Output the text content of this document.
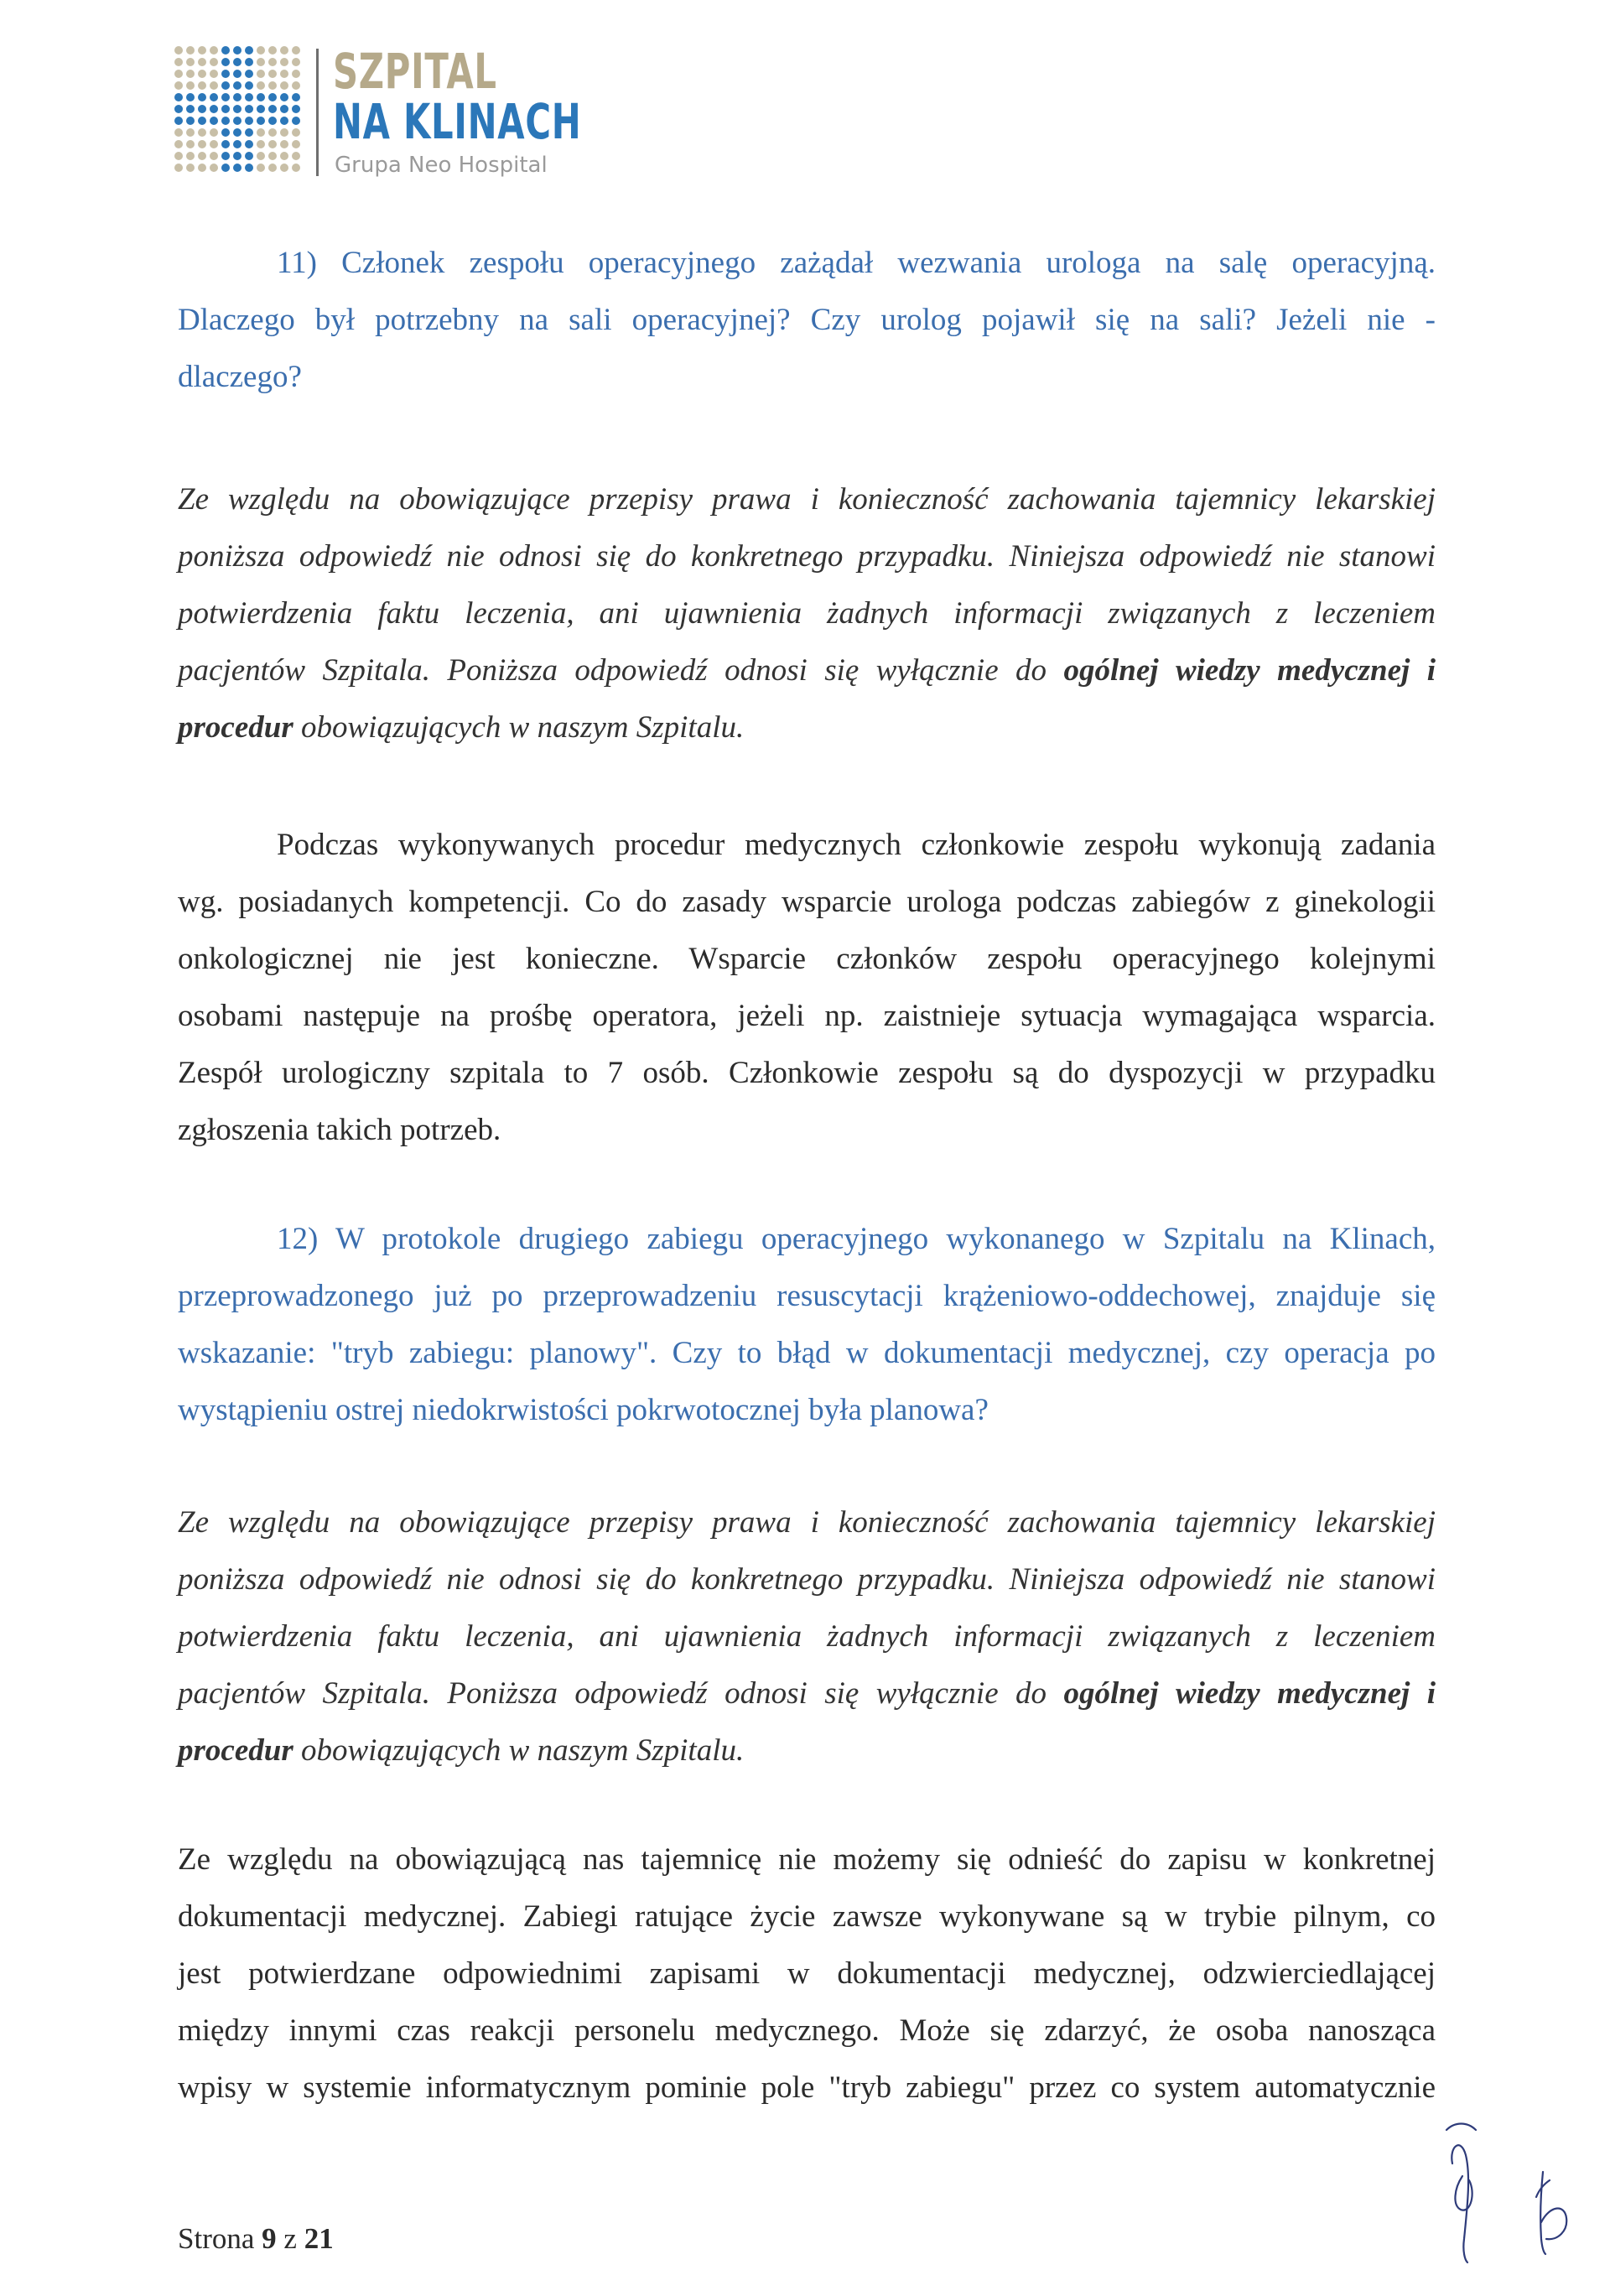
SZPITAL
NA KLINACH
Grupa Neo Hospital
11) Członek zespołu operacyjnego zażądał wezwania urologa na salę operacyjną.
Dlaczego był potrzebny na sali operacyjnej? Czy urolog pojawił się na sali? Jeżeli nie -
dlaczego?
Ze względu na obowiązujące przepisy prawa i konieczność zachowania tajemnicy lekarskiej
poniższa odpowiedź nie odnosi się do konkretnego przypadku. Niniejsza odpowiedź nie stanowi
potwierdzenia faktu leczenia, ani ujawnienia żadnych informacji związanych z leczeniem
pacjentów Szpitala. Poniższa odpowiedź odnosi się wyłącznie do ogólnej wiedzy medycznej i
procedur obowiązujących w naszym Szpitalu.
Podczas wykonywanych procedur medycznych członkowie zespołu wykonują zadania
wg. posiadanych kompetencji. Co do zasady wsparcie urologa podczas zabiegów z ginekologii
onkologicznej nie jest konieczne. Wsparcie członków zespołu operacyjnego kolejnymi
osobami następuje na prośbę operatora, jeżeli np. zaistnieje sytuacja wymagająca wsparcia.
Zespół urologiczny szpitala to 7 osób. Członkowie zespołu są do dyspozycji w przypadku
zgłoszenia takich potrzeb.
12) W protokole drugiego zabiegu operacyjnego wykonanego w Szpitalu na Klinach,
przeprowadzonego już po przeprowadzeniu resuscytacji krążeniowo-oddechowej, znajduje się
wskazanie: "tryb zabiegu: planowy". Czy to błąd w dokumentacji medycznej, czy operacja po
wystąpieniu ostrej niedokrwistości pokrwotocznej była planowa?
Ze względu na obowiązujące przepisy prawa i konieczność zachowania tajemnicy lekarskiej
poniższa odpowiedź nie odnosi się do konkretnego przypadku. Niniejsza odpowiedź nie stanowi
potwierdzenia faktu leczenia, ani ujawnienia żadnych informacji związanych z leczeniem
pacjentów Szpitala. Poniższa odpowiedź odnosi się wyłącznie do ogólnej wiedzy medycznej i
procedur obowiązujących w naszym Szpitalu.
Ze względu na obowiązującą nas tajemnicę nie możemy się odnieść do zapisu w konkretnej
dokumentacji medycznej. Zabiegi ratujące życie zawsze wykonywane są w trybie pilnym, co
jest potwierdzane odpowiednimi zapisami w dokumentacji medycznej, odzwierciedlającej
między innymi czas reakcji personelu medycznego. Może się zdarzyć, że osoba nanosząca
wpisy w systemie informatycznym pominie pole "tryb zabiegu" przez co system automatycznie
Strona 9 z 21
